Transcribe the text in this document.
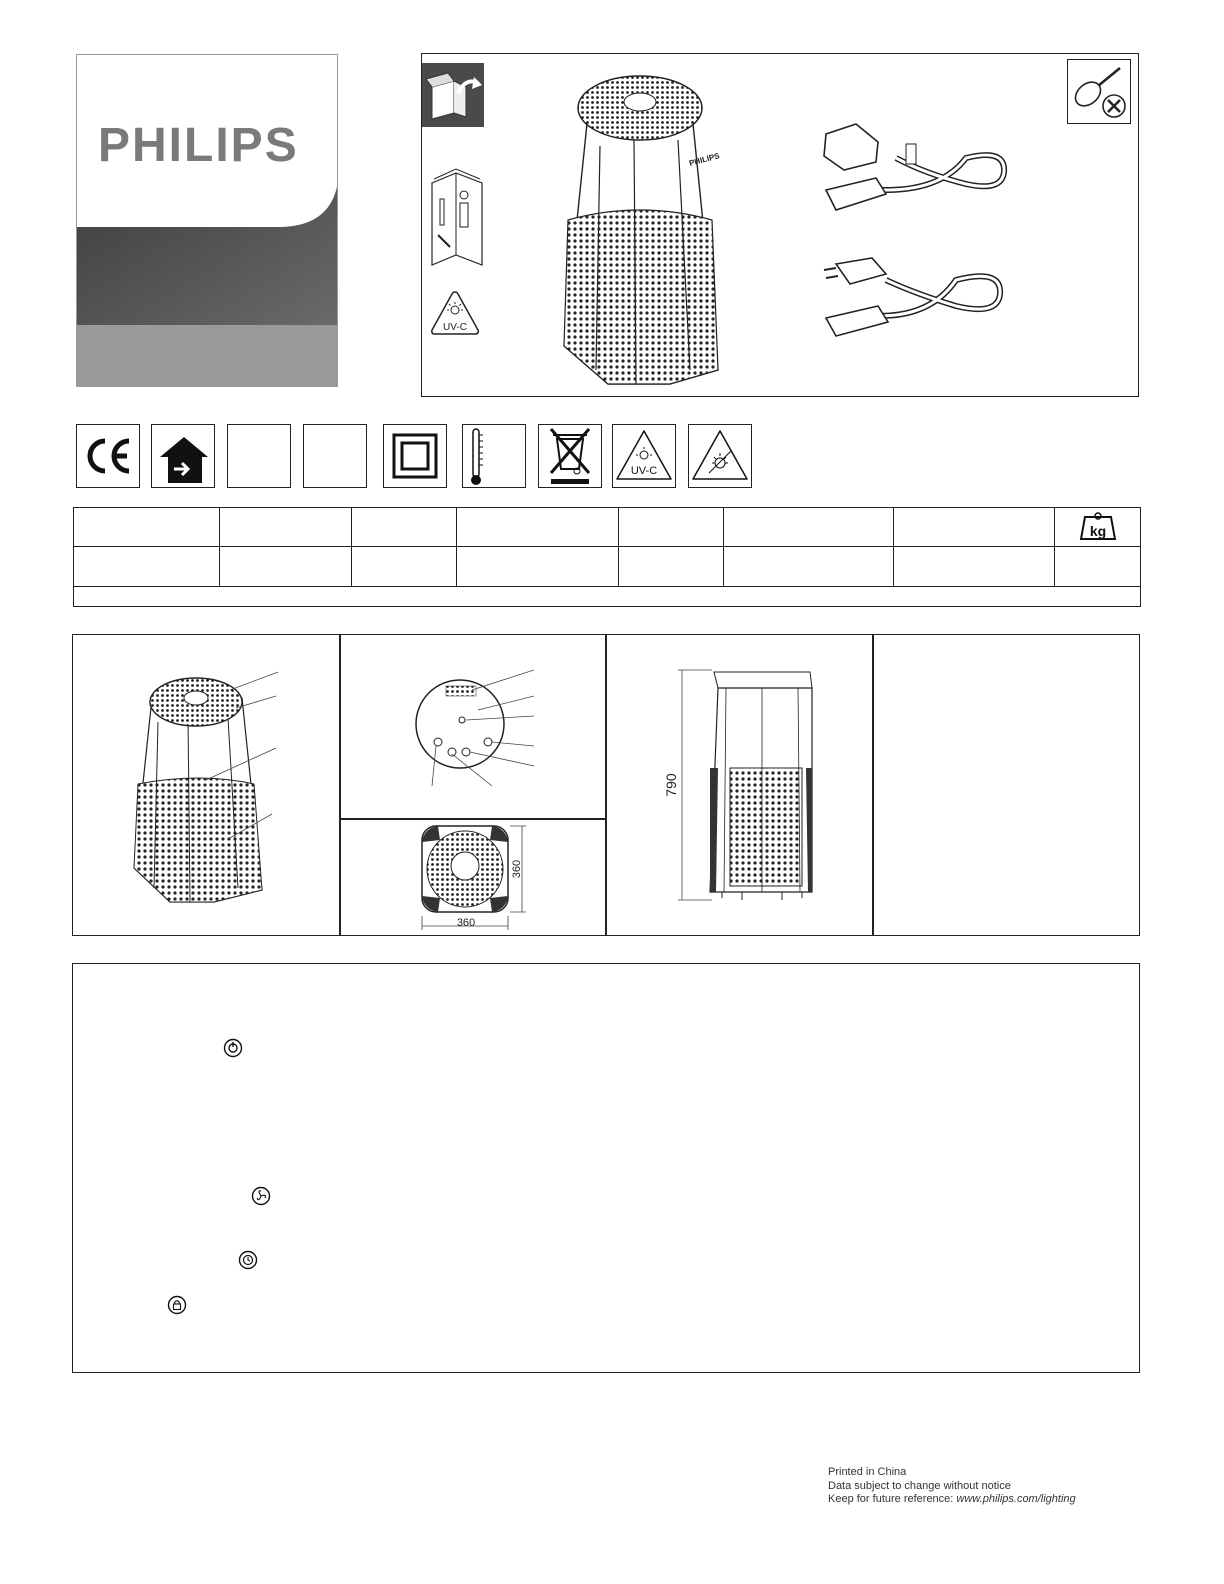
PHILIPS
UV-C
PHILIPS
UV-C

kg

360
360
790
Printed in China
Data subject to change without notice
Keep for future reference: www.philips.com/lighting
